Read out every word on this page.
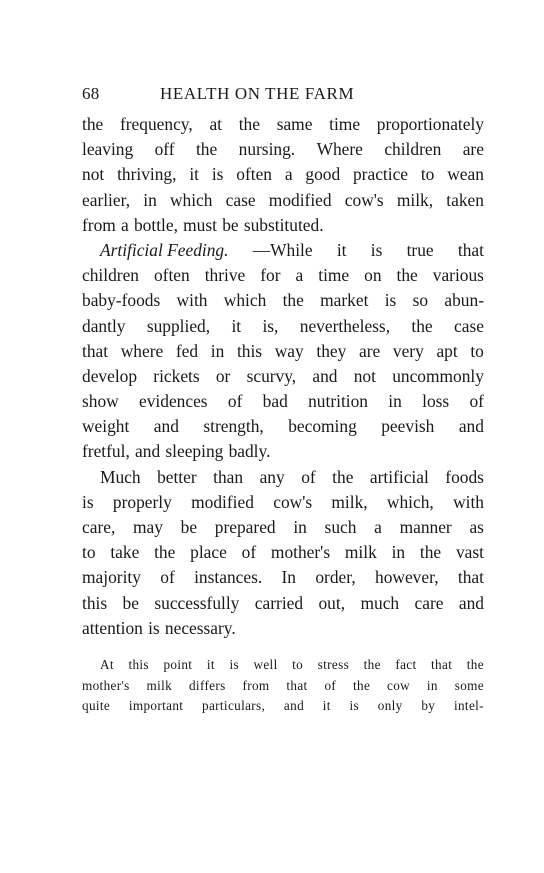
68	HEALTH ON THE FARM
the frequency, at the same time proportionately
leaving off the nursing. Where children are
not thriving, it is often a good practice to wean
earlier, in which case modified cow's milk, taken
from a bottle, must be substituted.
Artificial Feeding. —While it is true that
children often thrive for a time on the various
baby-foods with which the market is so abun-
dantly supplied, it is, nevertheless, the case
that where fed in this way they are very apt to
develop rickets or scurvy, and not uncommonly
show evidences of bad nutrition in loss of
weight and strength, becoming peevish and
fretful, and sleeping badly.
Much better than any of the artificial foods
is properly modified cow's milk, which, with
care, may be prepared in such a manner as
to take the place of mother's milk in the vast
majority of instances. In order, however, that
this be successfully carried out, much care and
attention is necessary.
At this point it is well to stress the fact that the
mother's milk differs from that of the cow in some
quite important particulars, and it is only by intel-
